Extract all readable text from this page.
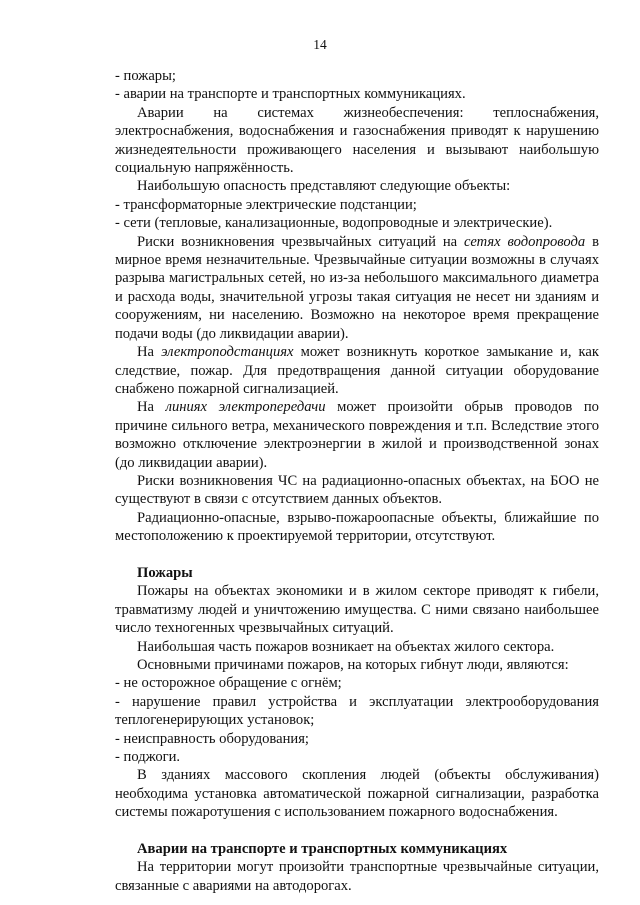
14

- пожары;

- аварии на транспорте и транспортных коммуникациях.

Аварии на системах жизнеобеспечения: теплоснабжения, электроснабжения, водоснабжения и газоснабжения приводят к нарушению жизнедеятельности проживающего населения и вызывают наибольшую социальную напряжённость.

Наибольшую опасность представляют следующие объекты:

- трансформаторные электрические подстанции;

- сети (тепловые, канализационные, водопроводные и электрические).

Риски возникновения чрезвычайных ситуаций на сетях водопровода в мирное время незначительные. Чрезвычайные ситуации возможны в случаях разрыва магистральных сетей, но из-за небольшого максимального диаметра и расхода воды, значительной угрозы такая ситуация не несет ни зданиям и сооружениям, ни населению. Возможно на некоторое время прекращение подачи воды (до ликвидации аварии).

На электроподстанциях может возникнуть короткое замыкание и, как следствие, пожар. Для предотвращения данной ситуации оборудование снабжено пожарной сигнализацией.

На линиях электропередачи может произойти обрыв проводов по причине сильного ветра, механического повреждения и т.п. Вследствие этого возможно отключение электроэнергии в жилой и производственной зонах (до ликвидации аварии).

Риски возникновения ЧС на радиационно-опасных объектах, на БОО не существуют в связи с отсутствием данных объектов.

Радиационно-опасные, взрыво-пожароопасные объекты, ближайшие по местоположению к проектируемой территории, отсутствуют.

Пожары

Пожары на объектах экономики и в жилом секторе приводят к гибели, травматизму людей и уничтожению имущества. С ними связано наибольшее число техногенных чрезвычайных ситуаций.

Наибольшая часть пожаров возникает на объектах жилого сектора.

Основными причинами пожаров, на которых гибнут люди, являются:

- не осторожное обращение с огнём;

- нарушение правил устройства и эксплуатации электрооборудования теплогенерирующих установок;

- неисправность оборудования;

- поджоги.

В зданиях массового скопления людей (объекты обслуживания) необходима установка автоматической пожарной сигнализации, разработка системы пожаротушения с использованием пожарного водоснабжения.

Аварии на транспорте и транспортных коммуникациях

На территории могут произойти транспортные чрезвычайные ситуации, связанные с авариями на автодорогах.
